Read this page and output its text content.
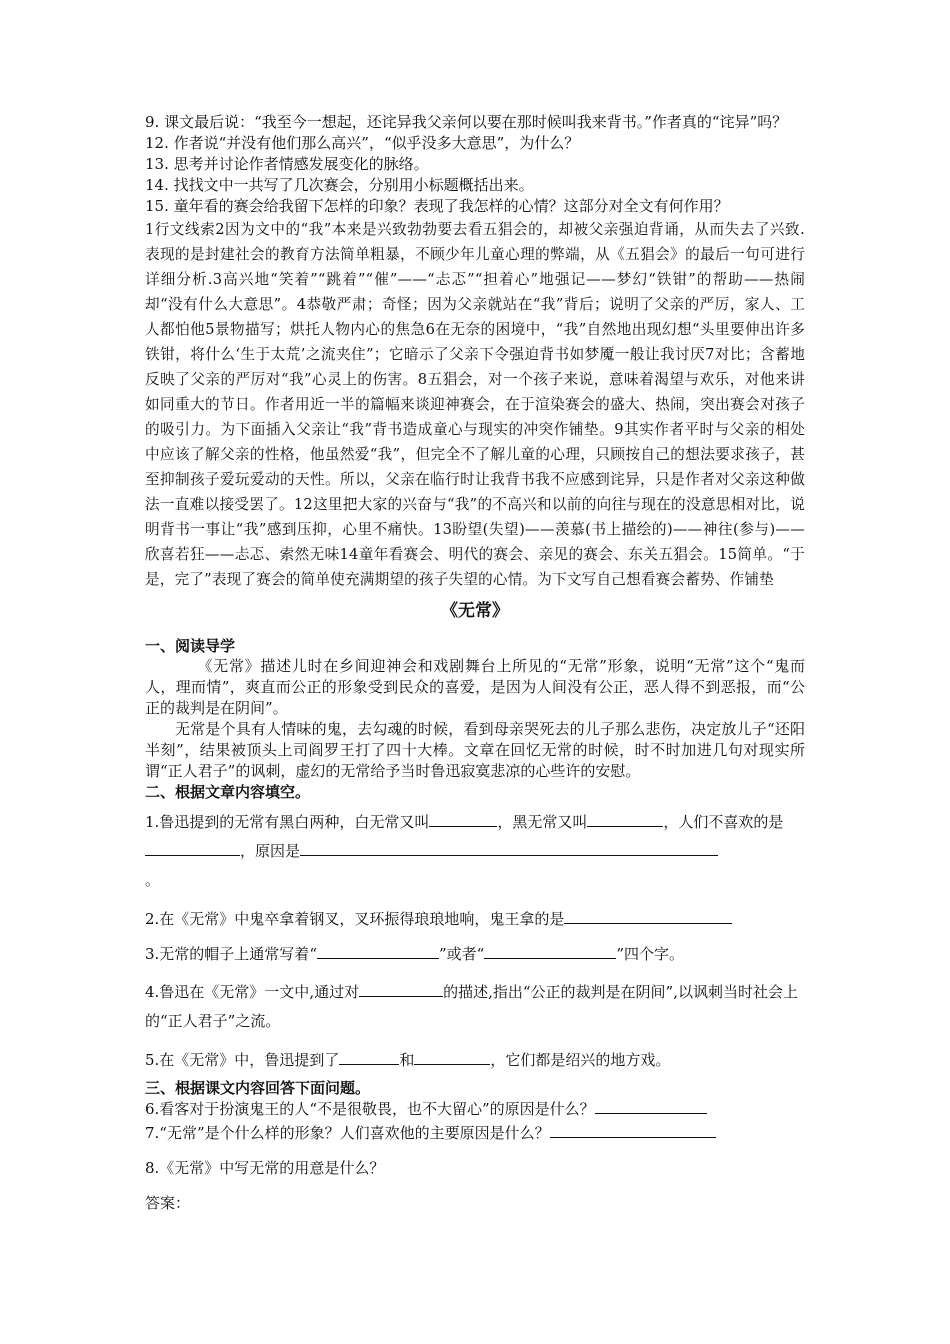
9. 课文最后说：“我至今一想起，还诧异我父亲何以要在那时候叫我来背书。”作者真的“诧异”吗？

12. 作者说“并没有他们那么高兴”，“似乎没多大意思”，为什么？

13. 思考并讨论作者情感发展变化的脉络。

14. 找找文中一共写了几次赛会，分别用小标题概括出来。

15. 童年看的赛会给我留下怎样的印象？表现了我怎样的心情？这部分对全文有何作用？

1行文线索2因为文中的“我”本来是兴致勃勃要去看五猖会的，却被父亲强迫背诵，从而失去了兴致.表现的是封建社会的教育方法简单粗暴，不顾少年儿童心理的弊端，从《五猖会》的最后一句可进行详细分析.3高兴地“笑着”“跳着”“催”——“忐忑”“担着心”地强记——梦幻“铁钳”的帮助——热闹却“没有什么大意思”。4恭敬严肃；奇怪；因为父亲就站在“我”背后；说明了父亲的严厉，家人、工人都怕他5景物描写；烘托人物内心的焦急6在无奈的困境中，“我”自然地出现幻想“头里要伸出许多铁钳，将什么‘生于太荒’之流夹住”；它暗示了父亲下令强迫背书如梦魇一般让我讨厌7对比；含蓄地反映了父亲的严厉对“我”心灵上的伤害。8五猖会，对一个孩子来说，意味着渴望与欢乐，对他来讲如同重大的节日。作者用近一半的篇幅来谈迎神赛会，在于渲染赛会的盛大、热闹，突出赛会对孩子的吸引力。为下面插入父亲让“我”背书造成童心与现实的冲突作铺垫。9其实作者平时与父亲的相处中应该了解父亲的性格，他虽然爱“我”，但完全不了解儿童的心理，只顾按自己的想法要求孩子，甚至抑制孩子爱玩爱动的天性。所以，父亲在临行时让我背书我不应感到诧异，只是作者对父亲这种做法一直难以接受罢了。12这里把大家的兴奋与“我”的不高兴和以前的向往与现在的没意思相对比，说明背书一事让“我”感到压抑，心里不痛快。13盼望(失望)——羡慕(书上描绘的)——神往(参与)——欣喜若狂——忐忑、索然无味14童年看赛会、明代的赛会、亲见的赛会、东关五猖会。15简单。“于是，完了”表现了赛会的简单使充满期望的孩子失望的心情。为下文写自己想看赛会蓄势、作铺垫

《无常》

一、阅读导学

《无常》描述儿时在乡间迎神会和戏剧舞台上所见的“无常”形象，说明“无常”这个“鬼而人，理而情”，爽直而公正的形象受到民众的喜爱，是因为人间没有公正，恶人得不到恶报，而“公正的裁判是在阴间”。

无常是个具有人情味的鬼，去勾魂的时候，看到母亲哭死去的儿子那么悲伤，决定放儿子“还阳半刻”，结果被顶头上司阎罗王打了四十大棒。文章在回忆无常的时候，时不时加进几句对现实所谓“正人君子”的讽刺，虚幻的无常给予当时鲁迅寂寞悲凉的心些许的安慰。

二、根据文章内容填空。

1.鲁迅提到的无常有黑白两种，白无常又叫	，黑无常又叫	，人们不喜欢的是，原因是
。

2.在《无常》中鬼卒拿着钢叉，叉环振得琅琅地响，鬼王拿的是

3.无常的帽子上通常写着“	”或者“	”四个字。

4.鲁迅在《无常》一文中,通过对	的描述,指出“公正的裁判是在阴间”,以讽刺当时社会上的“正人君子”之流。

5.在《无常》中，鲁迅提到了	和	，它们都是绍兴的地方戏。

三、根据课文内容回答下面问题。

6.看客对于扮演鬼王的人“不是很敬畏，也不大留心”的原因是什么？

7.“无常”是个什么样的形象？人们喜欢他的主要原因是什么？

8.《无常》中写无常的用意是什么？

答案：
